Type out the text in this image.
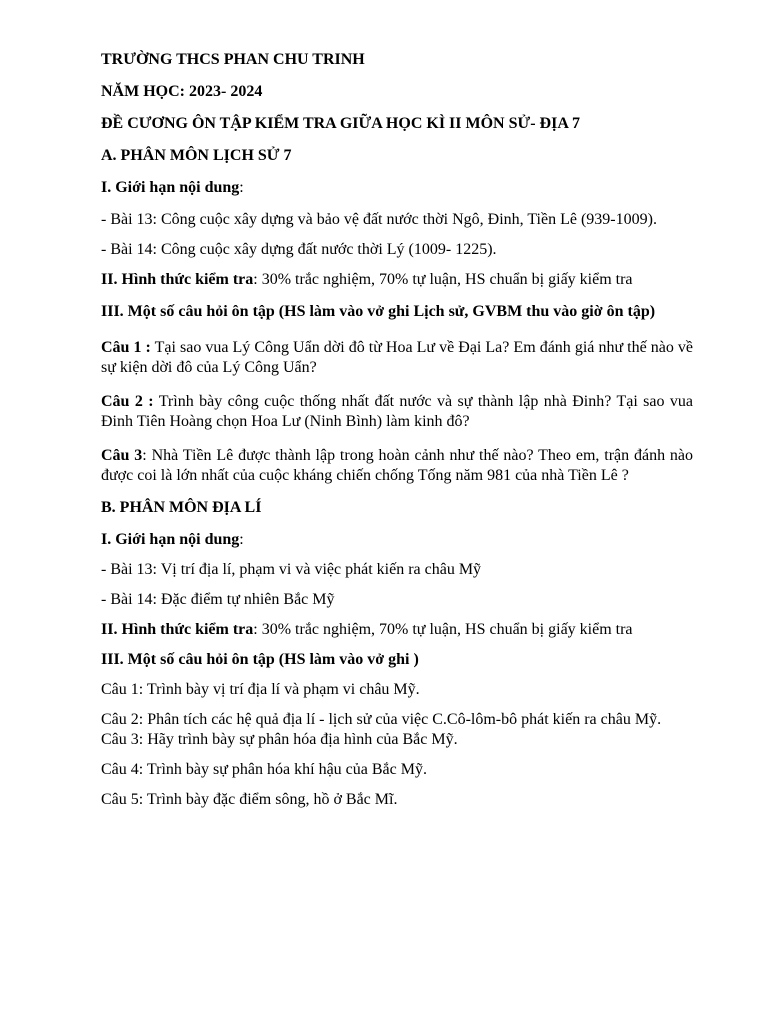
TRƯỜNG THCS PHAN CHU TRINH

NĂM HỌC: 2023- 2024

ĐỀ CƯƠNG ÔN TẬP KIỂM TRA GIỮA HỌC KÌ II MÔN SỬ- ĐỊA 7

A. PHÂN MÔN LỊCH SỬ 7

I. Giới hạn nội dung:

- Bài 13: Công cuộc xây dựng và bảo vệ đất nước thời Ngô, Đinh, Tiền Lê (939-1009).

- Bài 14: Công cuộc xây dựng đất nước thời Lý (1009- 1225).

II. Hình thức kiểm tra: 30% trắc nghiệm, 70% tự luận, HS chuẩn bị giấy kiểm tra

III. Một số câu hỏi ôn tập (HS làm vào vở ghi Lịch sử, GVBM thu vào giờ ôn tập)

Câu 1 : Tại sao vua Lý Công Uẩn dời đô từ Hoa Lư về Đại La? Em đánh giá như thế nào về sự kiện dời đô của Lý Công Uẩn?

Câu 2 : Trình bày công cuộc thống nhất đất nước và sự thành lập nhà Đinh? Tại sao vua Đinh Tiên Hoàng chọn Hoa Lư (Ninh Bình) làm kinh đô?

Câu 3: Nhà Tiền Lê được thành lập trong hoàn cảnh như thế nào? Theo em, trận đánh nào được coi là lớn nhất của cuộc kháng chiến chống Tống năm 981 của nhà Tiền Lê ?

B. PHÂN MÔN ĐỊA LÍ

I. Giới hạn nội dung:

- Bài 13: Vị trí địa lí, phạm vi và việc phát kiến ra châu Mỹ

- Bài 14: Đặc điểm tự nhiên Bắc Mỹ

II. Hình thức kiểm tra: 30% trắc nghiệm, 70% tự luận, HS chuẩn bị giấy kiểm tra

III. Một số câu hỏi ôn tập (HS làm vào vở ghi )

Câu 1: Trình bày vị trí địa lí và phạm vi châu Mỹ.

Câu 2: Phân tích các hệ quả địa lí - lịch sử của việc C.Cô-lôm-bô phát kiến ra châu Mỹ.

Câu 3: Hãy trình bày sự phân hóa địa hình của Bắc Mỹ.

Câu 4: Trình bày sự phân hóa khí hậu của Bắc Mỹ.

Câu 5: Trình bày đặc điểm sông, hồ ở Bắc Mĩ.
